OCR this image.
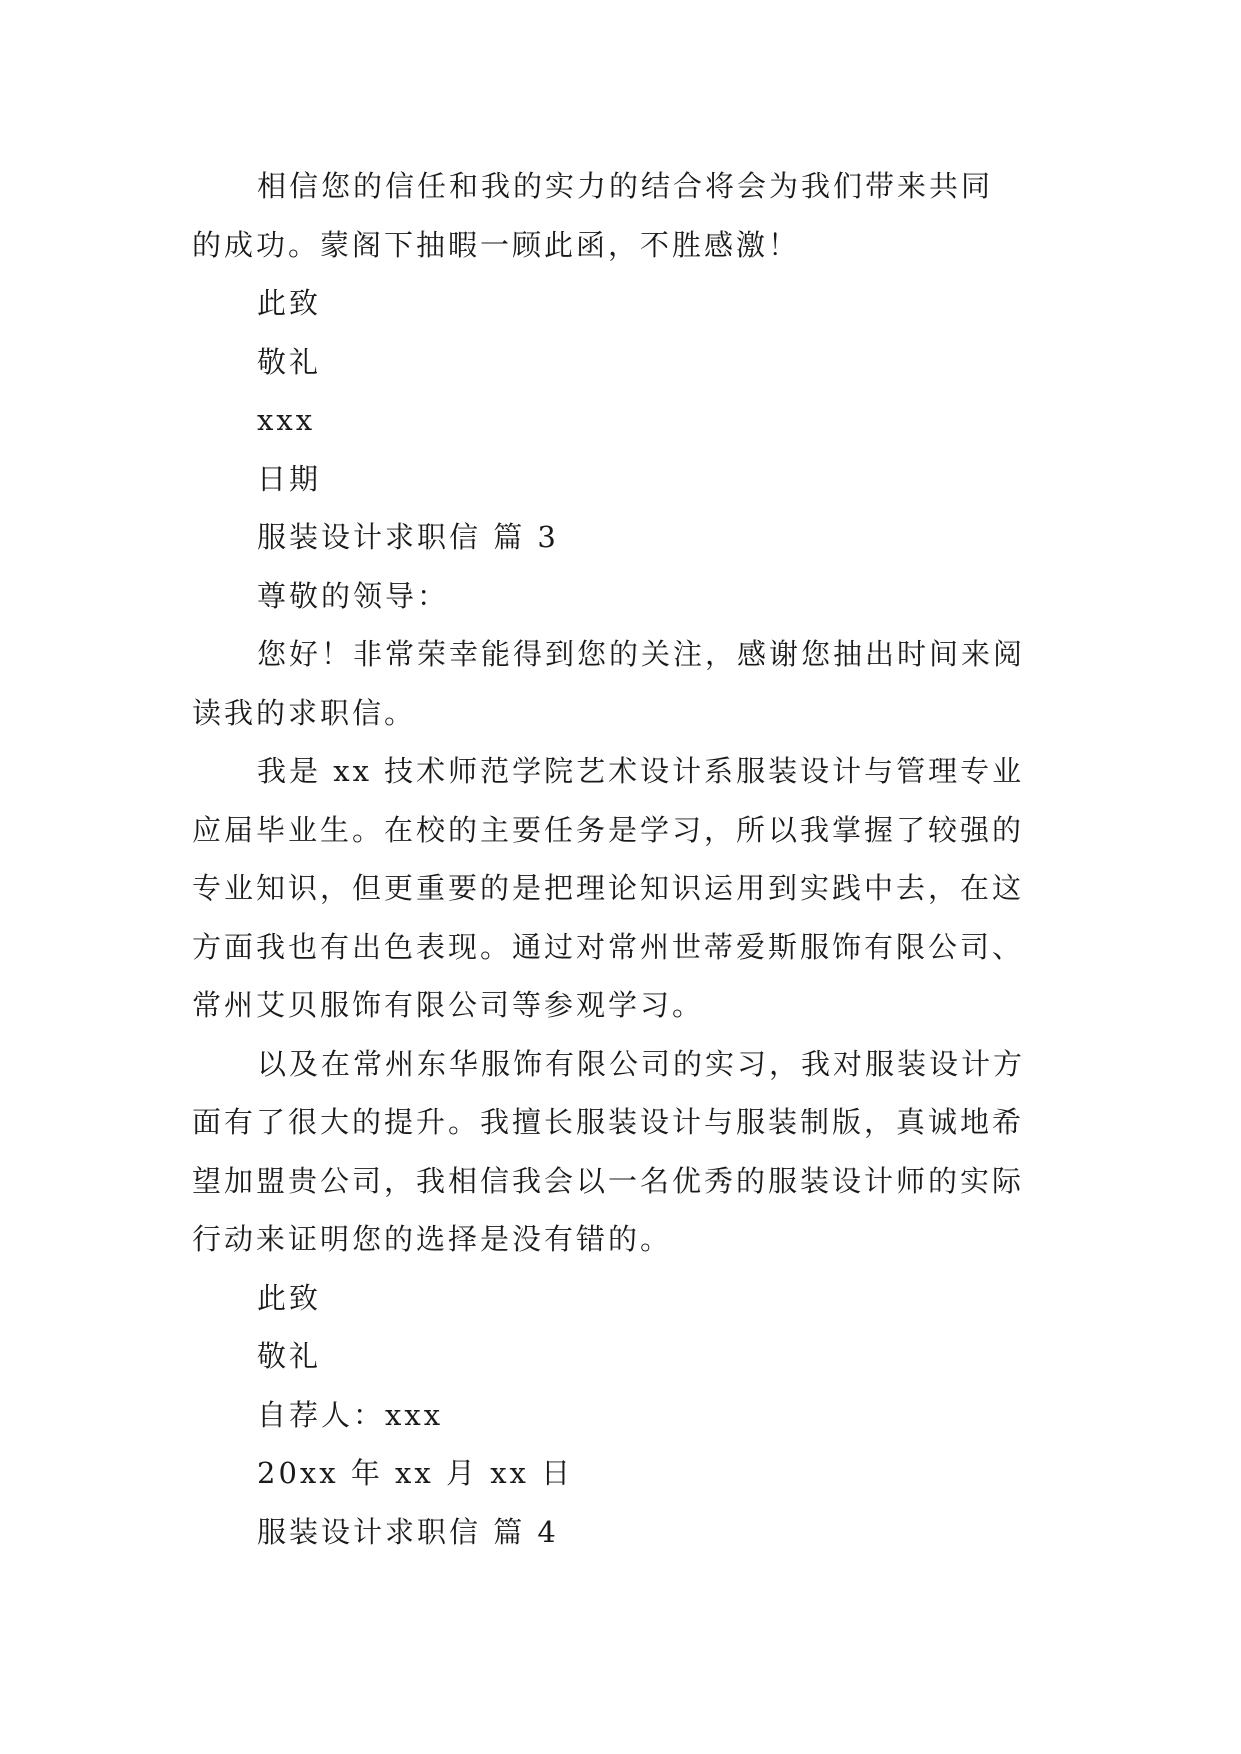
相信您的信任和我的实力的结合将会为我们带来共同
的成功。蒙阁下抽暇一顾此函，不胜感激！
此致
敬礼
xxx
日期
服装设计求职信 篇 3
尊敬的领导：
您好！非常荣幸能得到您的关注，感谢您抽出时间来阅
读我的求职信。
我是 xx 技术师范学院艺术设计系服装设计与管理专业
应届毕业生。在校的主要任务是学习，所以我掌握了较强的
专业知识，但更重要的是把理论知识运用到实践中去，在这
方面我也有出色表现。通过对常州世蒂爱斯服饰有限公司、
常州艾贝服饰有限公司等参观学习。
以及在常州东华服饰有限公司的实习，我对服装设计方
面有了很大的提升。我擅长服装设计与服装制版，真诚地希
望加盟贵公司，我相信我会以一名优秀的服装设计师的实际
行动来证明您的选择是没有错的。
此致
敬礼
自荐人：xxx
20xx 年 xx 月 xx 日
服装设计求职信 篇 4
